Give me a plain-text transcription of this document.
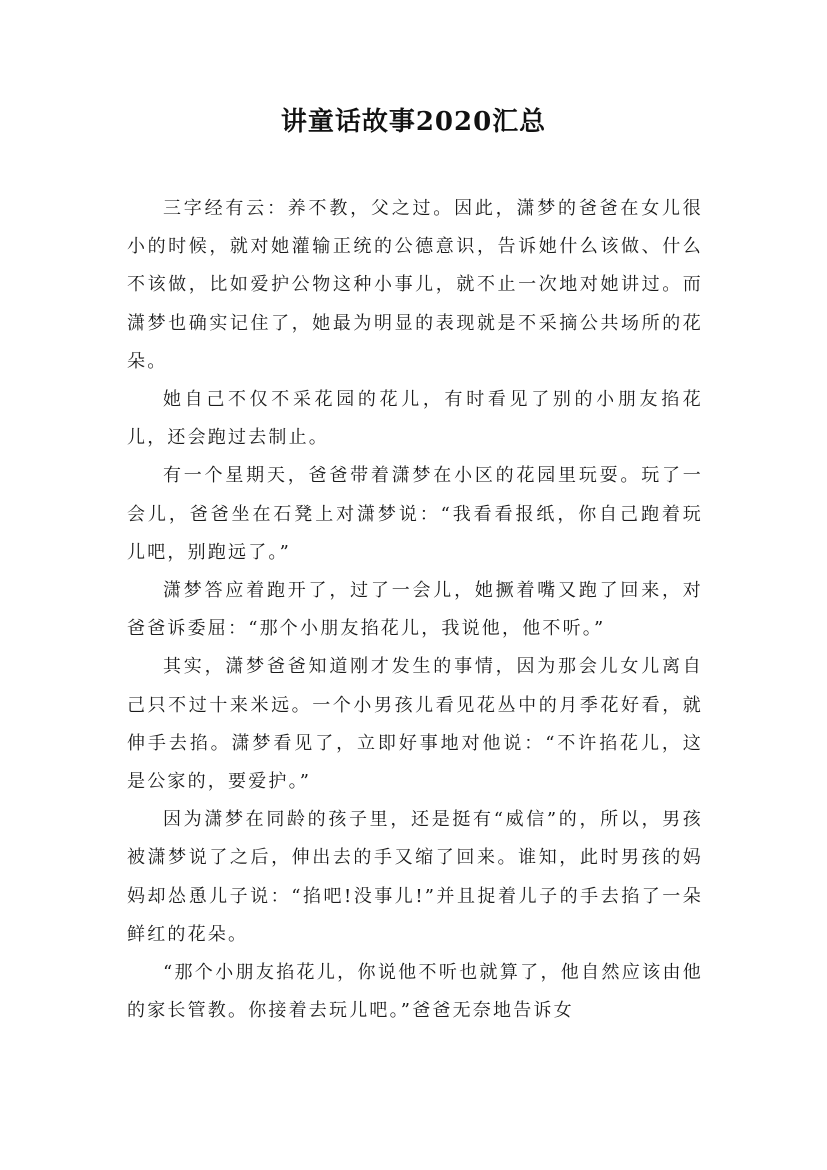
讲童话故事2020汇总

三字经有云：养不教，父之过。因此，潇梦的爸爸在女儿很小的时候，就对她灌输正统的公德意识，告诉她什么该做、什么不该做，比如爱护公物这种小事儿，就不止一次地对她讲过。而潇梦也确实记住了，她最为明显的表现就是不采摘公共场所的花朵。

她自己不仅不采花园的花儿，有时看见了别的小朋友掐花儿，还会跑过去制止。

有一个星期天，爸爸带着潇梦在小区的花园里玩耍。玩了一会儿，爸爸坐在石凳上对潇梦说：“我看看报纸，你自己跑着玩儿吧，别跑远了。”

潇梦答应着跑开了，过了一会儿，她撅着嘴又跑了回来，对爸爸诉委屈：“那个小朋友掐花儿，我说他，他不听。”

其实，潇梦爸爸知道刚才发生的事情，因为那会儿女儿离自己只不过十来米远。一个小男孩儿看见花丛中的月季花好看，就伸手去掐。潇梦看见了，立即好事地对他说：“不许掐花儿，这是公家的，要爱护。”

因为潇梦在同龄的孩子里，还是挺有“威信”的，所以，男孩被潇梦说了之后，伸出去的手又缩了回来。谁知，此时男孩的妈妈却怂恿儿子说：“掐吧!没事儿!”并且捉着儿子的手去掐了一朵鲜红的花朵。

“那个小朋友掐花儿，你说他不听也就算了，他自然应该由他的家长管教。你接着去玩儿吧。”爸爸无奈地告诉女
